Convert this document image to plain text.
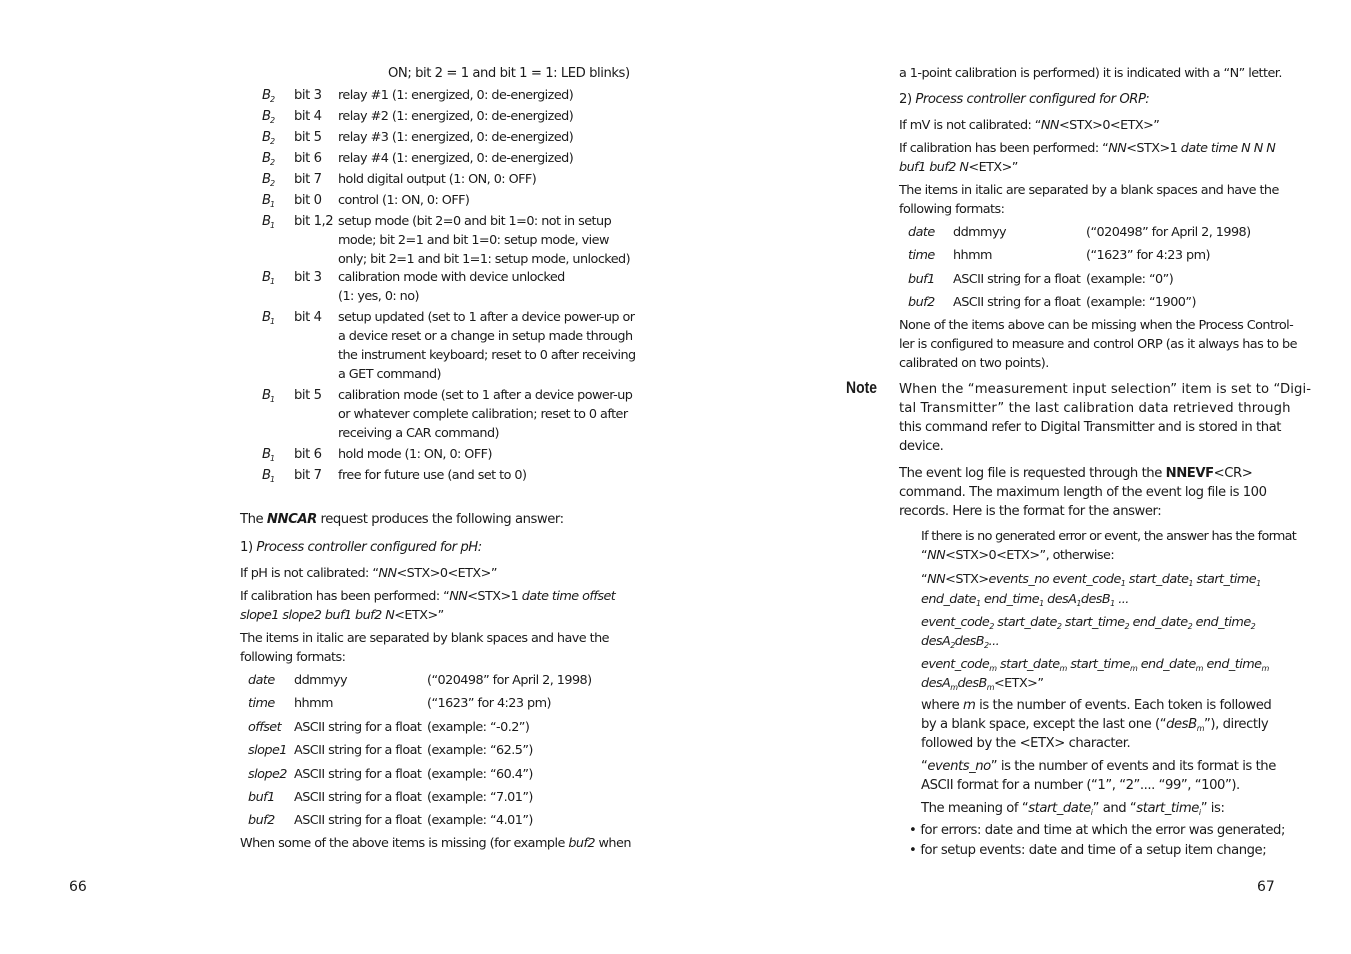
ON; bit 2 = 1 and bit 1 = 1: LED blinks)
B $_2$ bit 3 relay #1 (1: energized, 0: de-energized)
B $_2$ bit 4 relay #2 (1: energized, 0: de-energized)
B $_2$ bit 5 relay #3 (1: energized, 0: de-energized)
B $_2$ bit 6 relay #4 (1: energized, 0: de-energized)
B $_2$ bit 7 hold digital output (1: ON, 0: OFF)
B $_1$ bit 0 control (1: ON, 0: OFF)
B $_1$ bit 1,2 setup mode (bit 2=0 and bit 1=0: not in setup
mode; bit 2=1 and bit 1=0: setup mode, view
only; bit 2=1 and bit 1=1: setup mode, unlocked)
B $_1$ bit 3 calibration mode with device unlocked
(1: yes, 0: no)
B $_1$ bit 4 setup updated (set to 1 after a device power-up or
a device reset or a change in setup made through
the instrument keyboard; reset to 0 after receiving
a GET command)
B $_1$ bit 5 calibration mode (set to 1 after a device power-up
or whatever complete calibration; reset to 0 after
receiving a CAR command)
B $_1$ bit 6 hold mode (1: ON, 0: OFF)
B $_1$ bit 7 free for future use (and set to 0)
The NNCAR request produces the following answer:
1) Process controller configured for pH:
If pH is not calibrated: “NN<STX>0<ETX>”
If calibration has been performed: “NN<STX>1 date time offset
slope1 slope2 buf1 buf2 N<ETX>”
The items in italic are separated by blank spaces and have the
following formats:
date ddmmyy	(“020498” for April 2, 1998)
time hhmm	(“1623” for 4:23 pm)
offset ASCII string for a float (example: “-0.2”)
slope1 ASCII string for a float (example: “62.5”)
slope2 ASCII string for a float (example: “60.4”)
buf1 ASCII string for a float (example: “7.01”)
buf2 ASCII string for a float (example: “4.01”)
When some of the above items is missing (for example buf2 when
66
a 1-point calibration is performed) it is indicated with a “N” letter.
2) Process controller configured for ORP:
If mV is not calibrated: “NN<STX>0<ETX>”
If calibration has been performed: “NN<STX>1 date time N N N
buf1 buf2 N<ETX>”
The items in italic are separated by a blank spaces and have the
following formats:
date ddmmyy	(“020498” for April 2, 1998)
time hhmm	(“1623” for 4:23 pm)
buf1 ASCII string for a float (example: “0”)
buf2 ASCII string for a float (example: “1900”)
None of the items above can be missing when the Process Control-
ler is configured to measure and control ORP (as it always has to be
calibrated on two points).
Note When the “measurement input selection” item is set to “Digi-
tal Transmitter” the last calibration data retrieved through
this command refer to Digital Transmitter and is stored in that
device.
The event log file is requested through the NNEVF<CR>
command. The maximum length of the event log file is 100
records. Here is the format for the answer:
If there is no generated error or event, the answer has the format
“NN<STX>0<ETX>”, otherwise:
“NN<STX>events_no event_code$_1$ start_date$_1$ start_time$_1$
end_date$_1$ end_time$_1$ desA$_1$desB$_1$ ...
event_code$_2$ start_date$_2$ start_time$_2$ end_date$_2$ end_time$_2$
desA$_2$desB$_2$...
event_code$_m$ start_date$_m$ start_time$_m$ end_date$_m$ end_time$_m$
desA$_m$desB$_m$<ETX>”
where m is the number of events. Each token is followed
by a blank space, except the last one (“desB$_m$”), directly
followed by the <ETX> character.
“events_no” is the number of events and its format is the
ASCII format for a number (“1”, “2”.... “99”, “100”).
The meaning of “start_date$_i$” and “start_time$_i$” is:
• for errors: date and time at which the error was generated;
• for setup events: date and time of a setup item change;
67
